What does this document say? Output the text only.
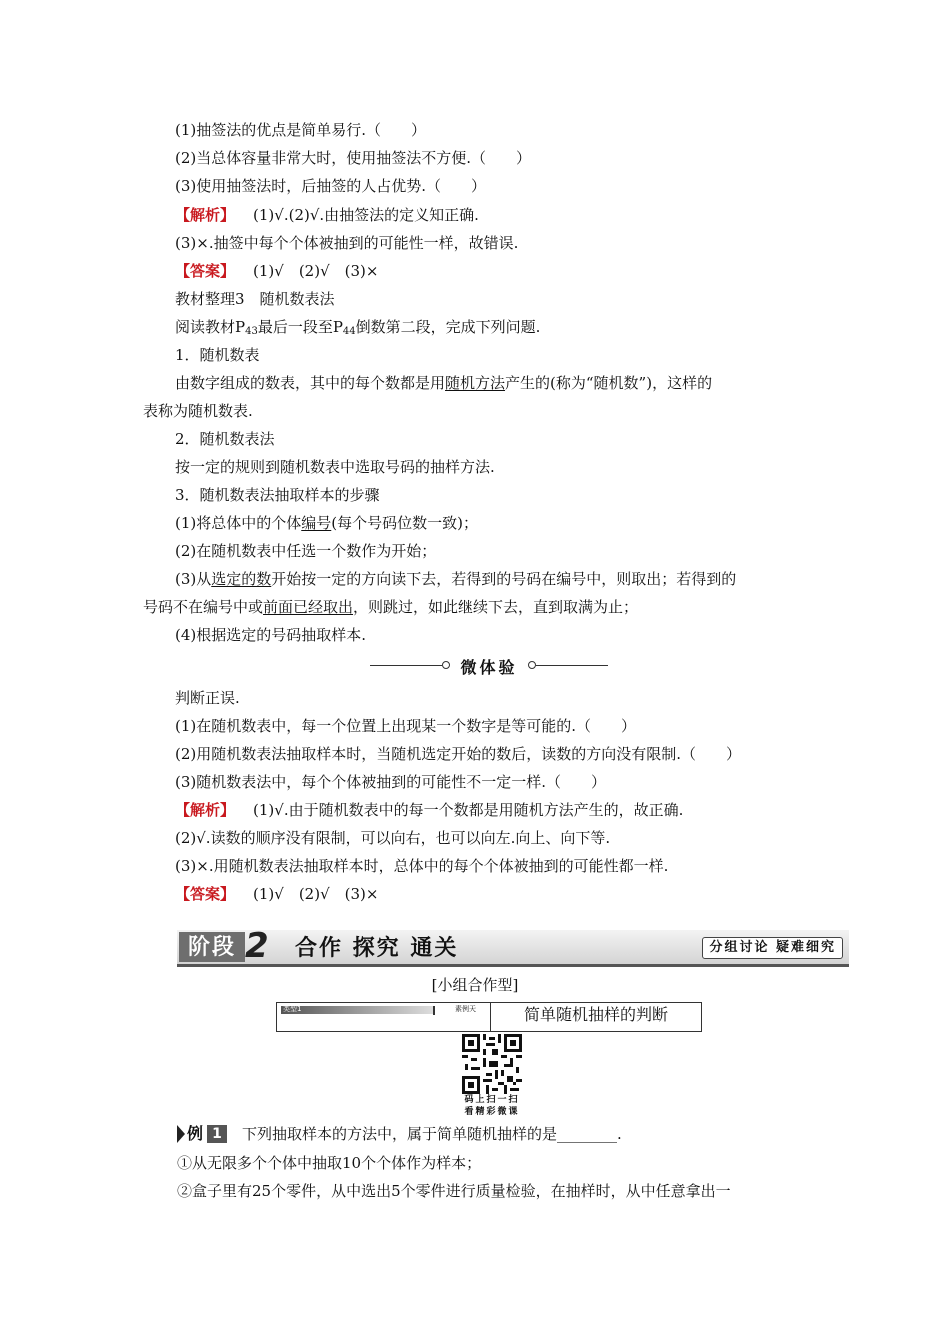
(1)抽签法的优点是简单易行.（　　）
(2)当总体容量非常大时，使用抽签法不方便.（　　）
(3)使用抽签法时，后抽签的人占优势.（　　）
【解析】 (1)√.(2)√.由抽签法的定义知正确.
(3)×.抽签中每个个体被抽到的可能性一样，故错误.
【答案】 (1)√　(2)√　(3)×
教材整理3　随机数表法
阅读教材$P_{43}$最后一段至$P_{44}$倒数第二段，完成下列问题.
1．随机数表
由数字组成的数表，其中的每个数都是用随机方法产生的(称为“随机数”)，这样的
表称为随机数表.
2．随机数表法
按一定的规则到随机数表中选取号码的抽样方法.
3．随机数表法抽取样本的步骤
(1)将总体中的个体编号(每个号码位数一致)；
(2)在随机数表中任选一个数作为开始；
(3)从选定的数开始按一定的方向读下去，若得到的号码在编号中，则取出；若得到的
号码不在编号中或前面已经取出，则跳过，如此继续下去，直到取满为止；
(4)根据选定的号码抽取样本.
微体验
判断正误.
(1)在随机数表中，每一个位置上出现某一个数字是等可能的.（　　）
(2)用随机数表法抽取样本时，当随机选定开始的数后，读数的方向没有限制.（　　）
(3)随机数表法中，每个个体被抽到的可能性不一定一样.（　　）
【解析】 (1)√.由于随机数表中的每一个数都是用随机方法产生的，故正确.
(2)√.读数的顺序没有限制，可以向右，也可以向左.向上、向下等.
(3)×.用随机数表法抽取样本时，总体中的每个个体被抽到的可能性都一样.
【答案】 (1)√　(2)√　(3)×
阶段 2 合作 探究 通关	分组讨论 疑难细究
[小组合作型]
类型1	素例天	简单随机抽样的判断
码上扫一扫
看精彩微课
例 1	下列抽取样本的方法中，属于简单随机抽样的是________.
①从无限多个个体中抽取10个个体作为样本；
②盒子里有25个零件，从中选出5个零件进行质量检验，在抽样时，从中任意拿出一
